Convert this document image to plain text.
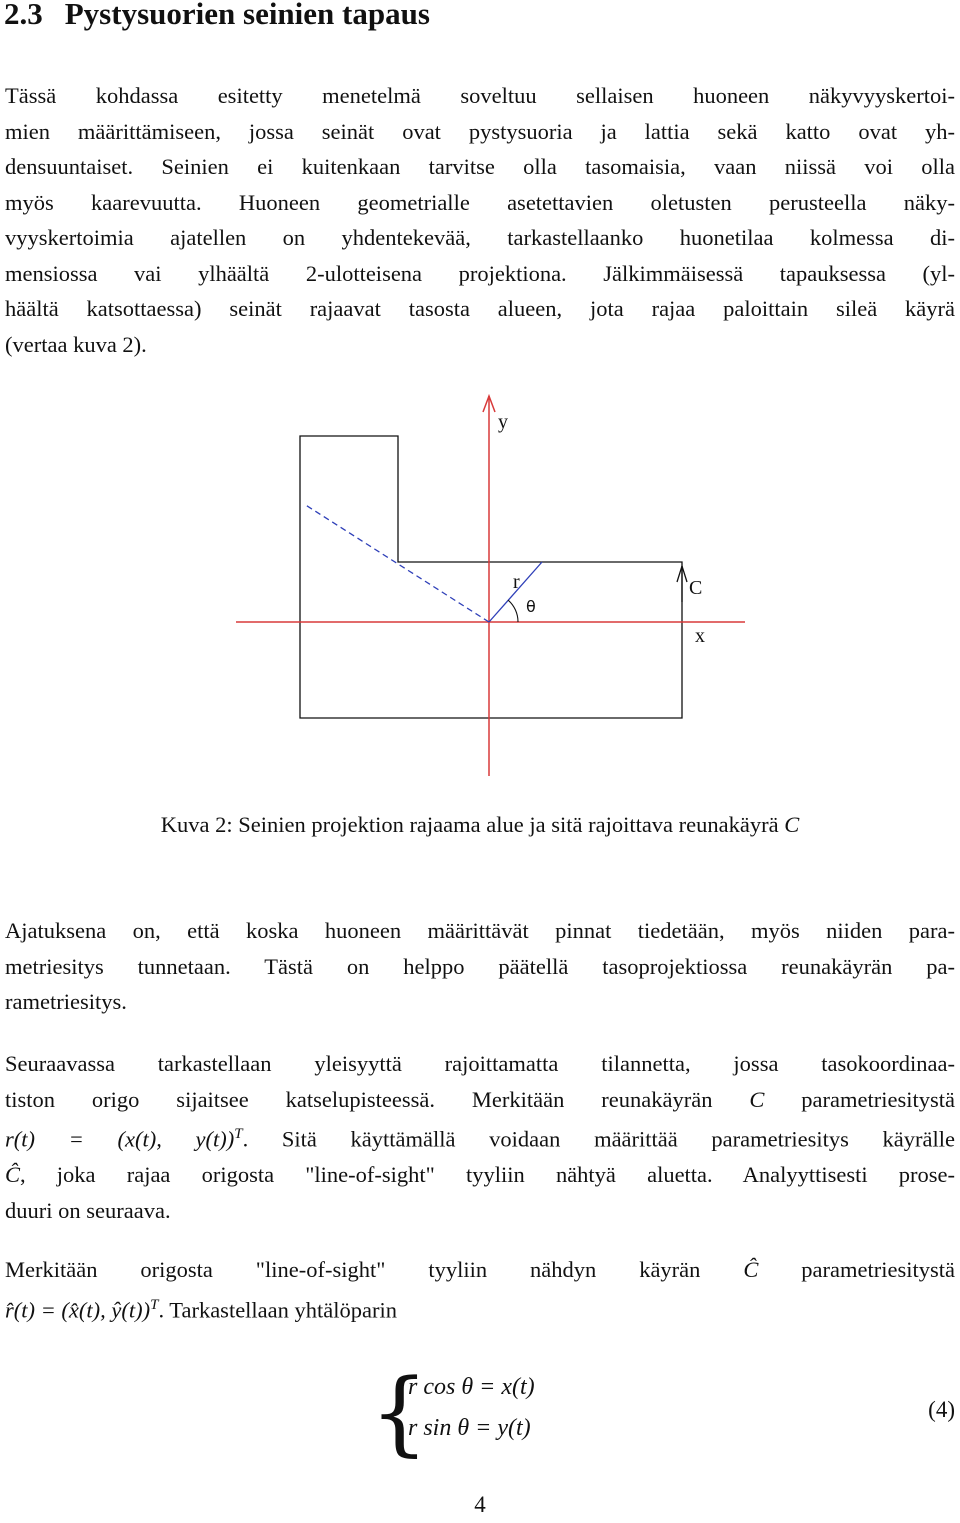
2.3 Pystysuorien seinien tapaus
Tässä kohdassa esitetty menetelmä soveltuu sellaisen huoneen näkyvyyskertoi-
mien määrittämiseen, jossa seinät ovat pystysuoria ja lattia sekä katto ovat yh-
densuuntaiset. Seinien ei kuitenkaan tarvitse olla tasomaisia, vaan niissä voi olla
myös kaarevuutta. Huoneen geometrialle asetettavien oletusten perusteella näky-
vyyskertoimia ajatellen on yhdentekevää, tarkastellaanko huonetilaa kolmessa di-
mensiossa vai ylhäältä 2-ulotteisena projektiona. Jälkimmäisessä tapauksessa (yl-
häältä katsottaessa) seinät rajaavat tasosta alueen, jota rajaa paloittain sileä käyrä
(vertaa kuva 2).
y
x
r
θ
C

Kuva 2: Seinien projektion rajaama alue ja sitä rajoittava reunakäyrä C

Ajatuksena on, että koska huoneen määrittävät pinnat tiedetään, myös niiden para-
metriesitys tunnetaan. Tästä on helppo päätellä tasoprojektiossa reunakäyrän pa-
rametriesitys.
Seuraavassa tarkastellaan yleisyyttä rajoittamatta tilannetta, jossa tasokoordinaa-
tiston origo sijaitsee katselupisteessä. Merkitään reunakäyrän C parametriesitystä
r(t) = (x(t), y(t))$^T$. Sitä käyttämällä voidaan määrittää parametriesitys käyrälle
Ĉ, joka rajaa origosta "line-of-sight" tyyliin nähtyä aluetta. Analyyttisesti prose-
duuri on seuraava.
Merkitään origosta "line-of-sight" tyyliin nähdyn käyrän Ĉ parametriesitystä
r̂(t) = (x̂(t), ŷ(t))$^T$. Tarkastellaan yhtälöparin
{
r cos θ = x(t)
r sin θ = y(t)
(4)
4
